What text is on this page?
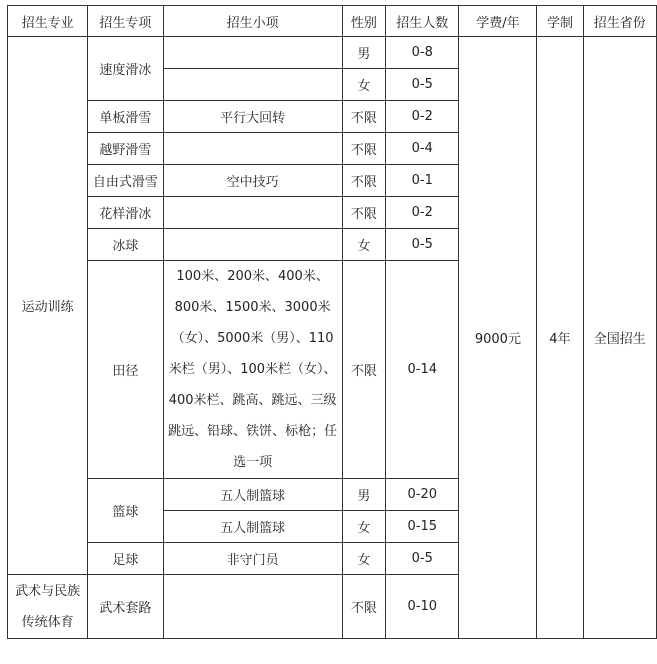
招生专业	招生专项	招生小项	性别	招生人数	学费/年	学制	招生省份
运动训练	速度滑冰		男	0-8	9000元	4年	全国招生
			女	0-5			
	单板滑雪	平行大回转	不限	0-2			
	越野滑雪		不限	0-4			
	自由式滑雪	空中技巧	不限	0-1			
	花样滑冰		不限	0-2			
	冰球		女	0-5			
	田径	100米、200米、400米、800米、1500米、3000米（女）、5000米（男）、110米栏（男）、100米栏（女）、400米栏、跳高、跳远、三级跳远、铅球、铁饼、标枪；任选一项	不限	0-14			
	篮球	五人制篮球	男	0-20			
		五人制篮球	女	0-15			
	足球	非守门员	女	0-5			
武术与民族传统体育	武术套路		不限	0-10			
